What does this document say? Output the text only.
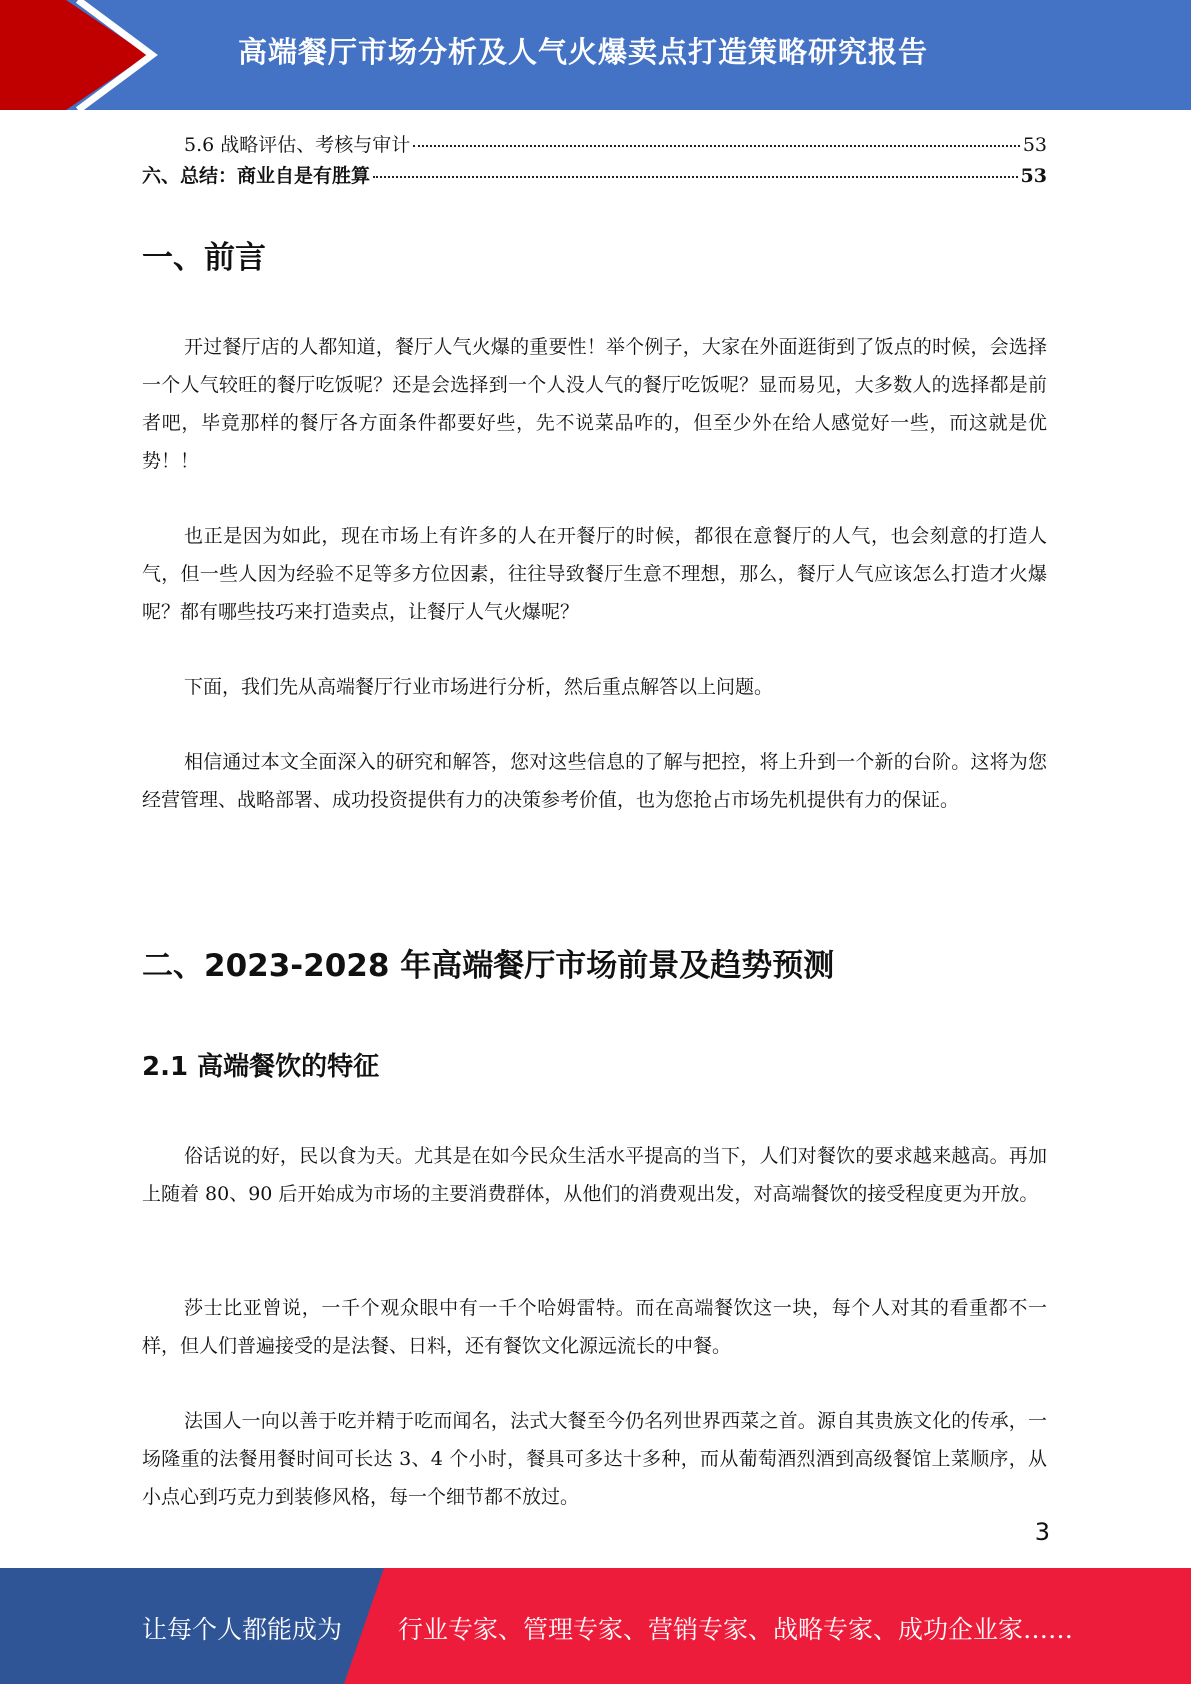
高端餐厅市场分析及人气火爆卖点打造策略研究报告
5.6 战略评估、考核与审计	53
六、总结：商业自是有胜算	53
一、前言

开过餐厅店的人都知道，餐厅人气火爆的重要性！举个例子，大家在外面逛街到了饭点的时候，会选择一个人气较旺的餐厅吃饭呢？还是会选择到一个人没人气的餐厅吃饭呢？显而易见，大多数人的选择都是前者吧，毕竟那样的餐厅各方面条件都要好些，先不说菜品咋的，但至少外在给人感觉好一些，而这就是优势！！

也正是因为如此，现在市场上有许多的人在开餐厅的时候，都很在意餐厅的人气，也会刻意的打造人气，但一些人因为经验不足等多方位因素，往往导致餐厅生意不理想，那么，餐厅人气应该怎么打造才火爆呢？都有哪些技巧来打造卖点，让餐厅人气火爆呢？

下面，我们先从高端餐厅行业市场进行分析，然后重点解答以上问题。

相信通过本文全面深入的研究和解答，您对这些信息的了解与把控，将上升到一个新的台阶。这将为您经营管理、战略部署、成功投资提供有力的决策参考价值，也为您抢占市场先机提供有力的保证。

二、2023-2028 年高端餐厅市场前景及趋势预测
2.1 高端餐饮的特征

俗话说的好，民以食为天。尤其是在如今民众生活水平提高的当下，人们对餐饮的要求越来越高。再加上随着 80、90 后开始成为市场的主要消费群体，从他们的消费观出发，对高端餐饮的接受程度更为开放。

莎士比亚曾说，一千个观众眼中有一千个哈姆雷特。而在高端餐饮这一块，每个人对其的看重都不一样，但人们普遍接受的是法餐、日料，还有餐饮文化源远流长的中餐。

法国人一向以善于吃并精于吃而闻名，法式大餐至今仍名列世界西菜之首。源自其贵族文化的传承，一场隆重的法餐用餐时间可长达 3、4 个小时，餐具可多达十多种，而从葡萄酒烈酒到高级餐馆上菜顺序，从小点心到巧克力到装修风格，每一个细节都不放过。

3
让每个人都能成为 行业专家、管理专家、营销专家、战略专家、成功企业家……
